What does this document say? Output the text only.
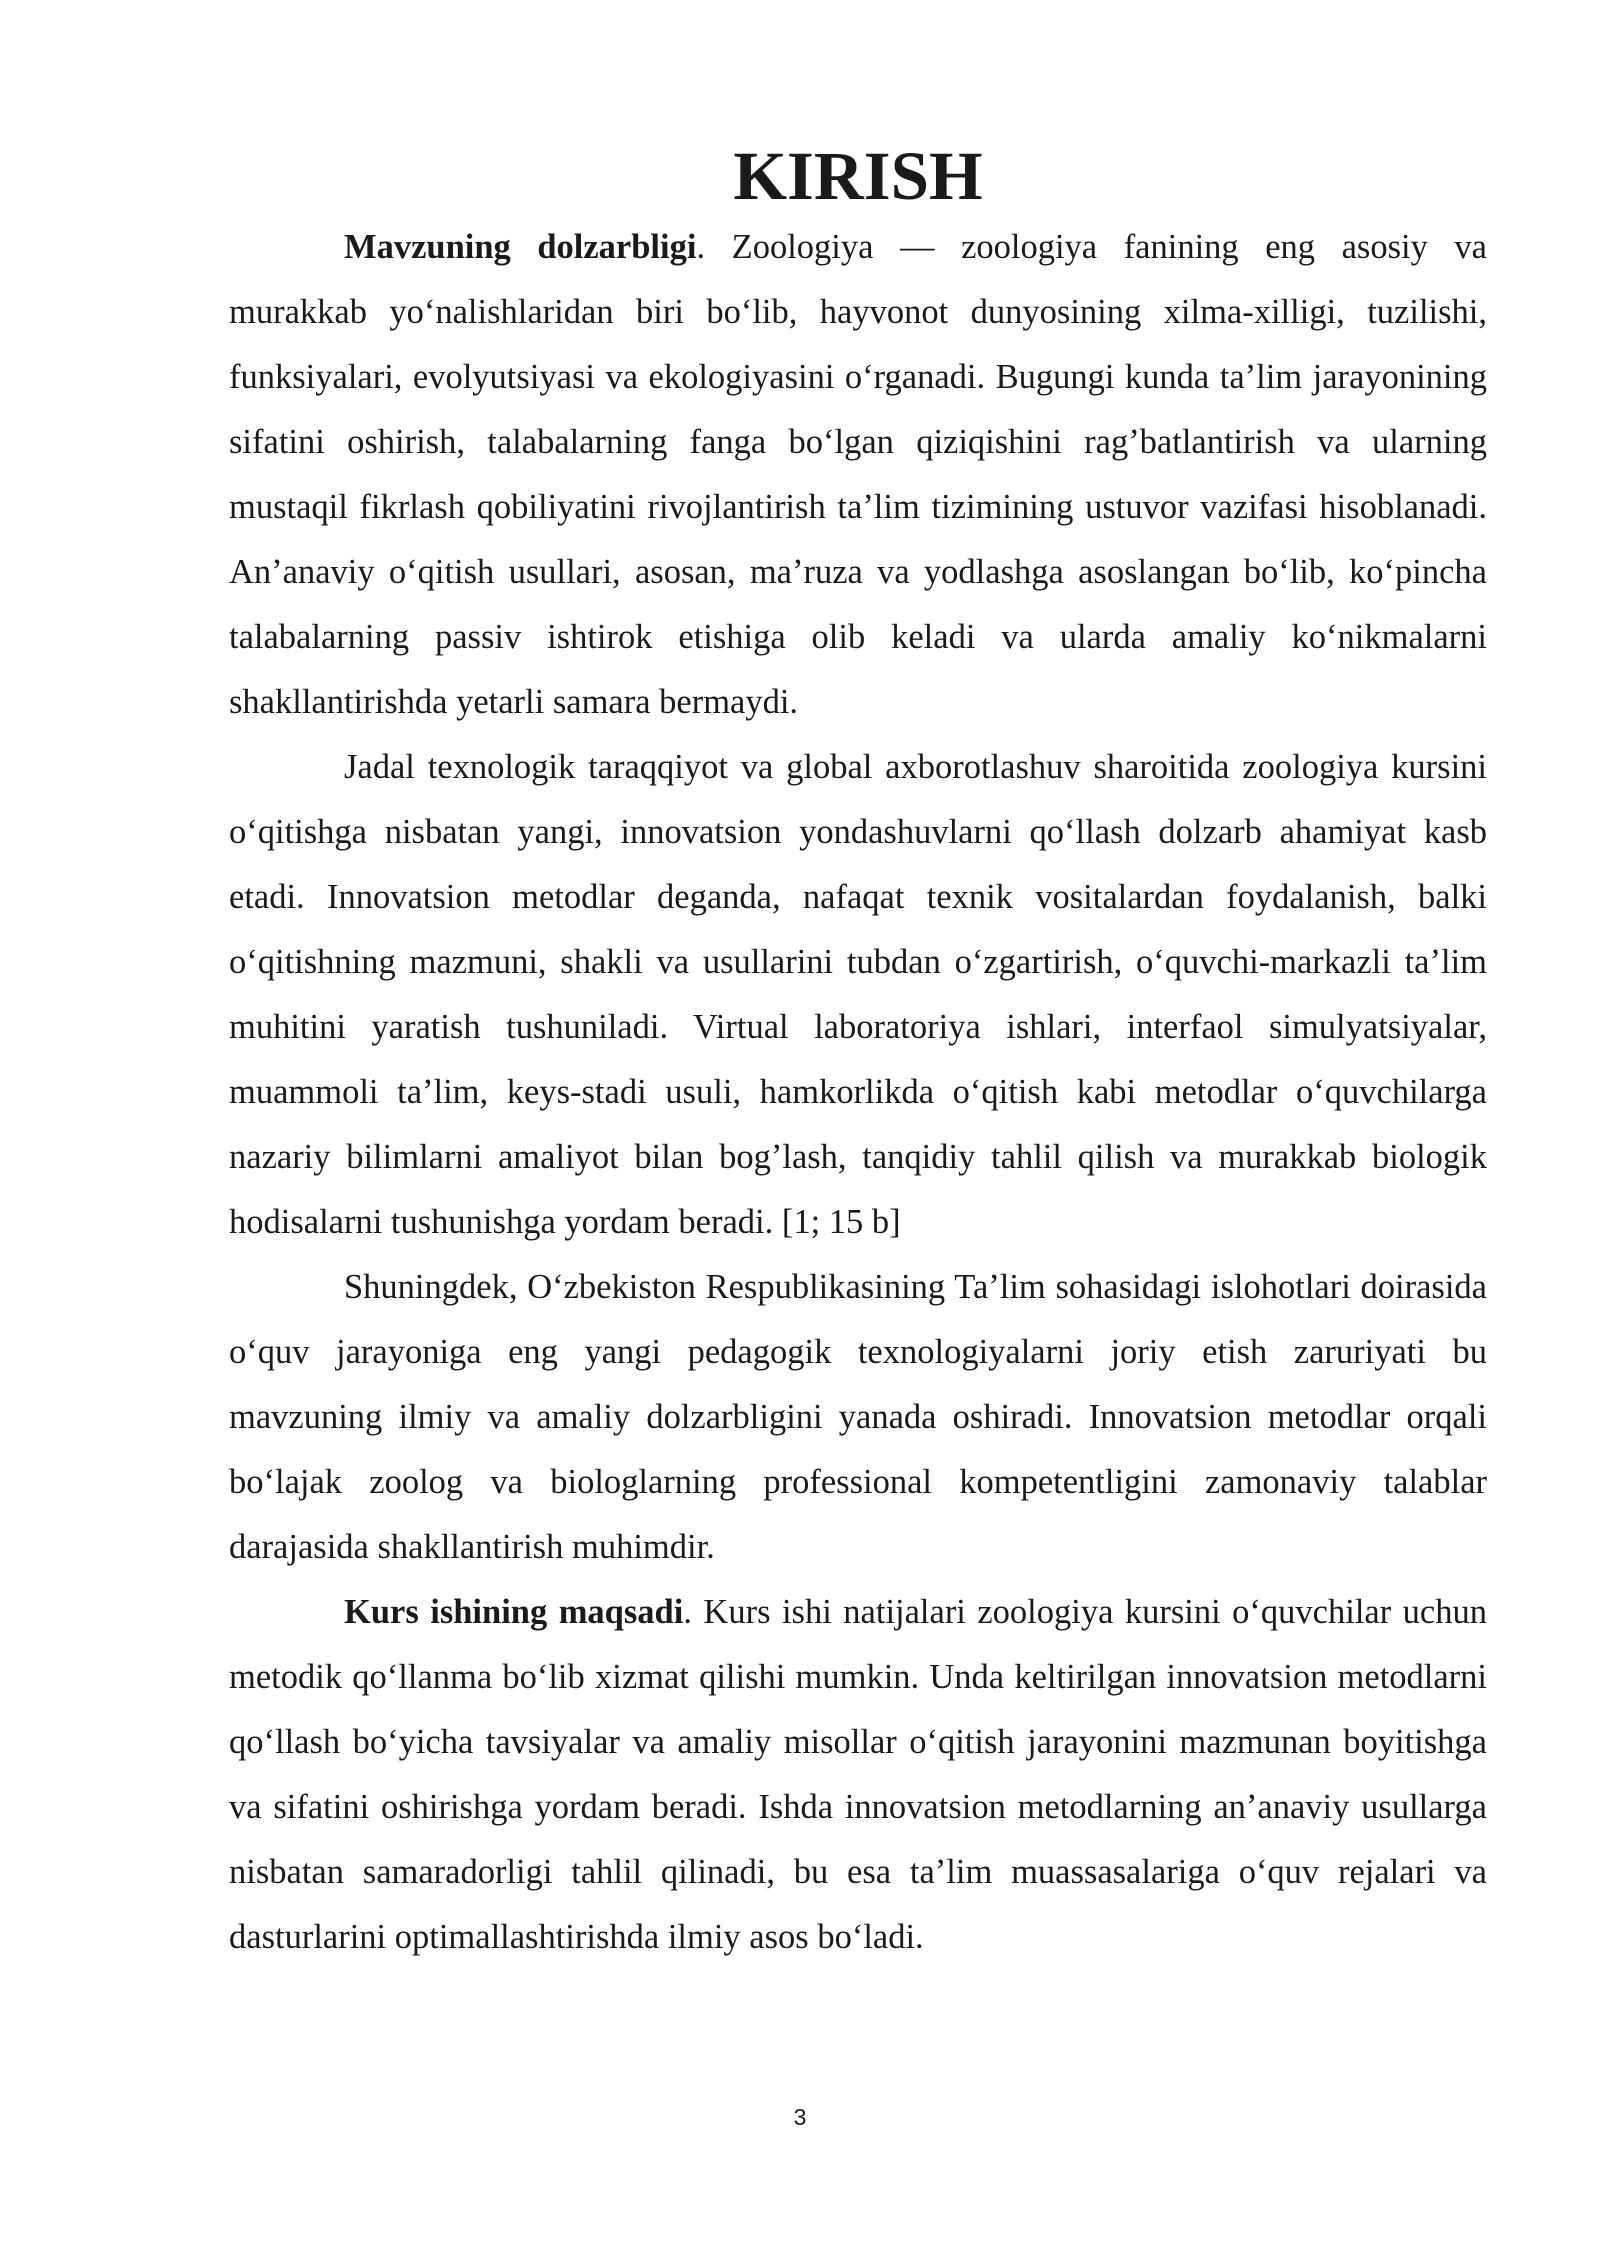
KIRISH

Mavzuning dolzarbligi. Zoologiya — zoologiya fanining eng asosiy va murakkab yoʻnalishlaridan biri boʻlib, hayvonot dunyosining xilma-xilligi, tuzilishi, funksiyalari, evolyutsiyasi va ekologiyasini oʻrganadi. Bugungi kunda taʼlim jarayonining sifatini oshirish, talabalarning fanga boʻlgan qiziqishini ragʼbatlantirish va ularning mustaqil fikrlash qobiliyatini rivojlantirish taʼlim tizimining ustuvor vazifasi hisoblanadi. Anʼanaviy oʻqitish usullari, asosan, maʼruza va yodlashga asoslangan boʻlib, koʻpincha talabalarning passiv ishtirok etishiga olib keladi va ularda amaliy koʻnikmalarni shakllantirishda yetarli samara bermaydi.

Jadal texnologik taraqqiyot va global axborotlashuv sharoitida zoologiya kursini oʻqitishga nisbatan yangi, innovatsion yondashuvlarni qoʻllash dolzarb ahamiyat kasb etadi. Innovatsion metodlar deganda, nafaqat texnik vositalardan foydalanish, balki oʻqitishning mazmuni, shakli va usullarini tubdan oʻzgartirish, oʻquvchi-markazli taʼlim muhitini yaratish tushuniladi. Virtual laboratoriya ishlari, interfaol simulyatsiyalar, muammoli taʼlim, keys-stadi usuli, hamkorlikda oʻqitish kabi metodlar oʻquvchilarga nazariy bilimlarni amaliyot bilan bogʼlash, tanqidiy tahlil qilish va murakkab biologik hodisalarni tushunishga yordam beradi. [1; 15 b]

Shuningdek, Oʻzbekiston Respublikasining Taʼlim sohasidagi islohotlari doirasida oʻquv jarayoniga eng yangi pedagogik texnologiyalarni joriy etish zaruriyati bu mavzuning ilmiy va amaliy dolzarbligini yanada oshiradi. Innovatsion metodlar orqali boʻlajak zoolog va biologlarning professional kompetentligini zamonaviy talablar darajasida shakllantirish muhimdir.

Kurs ishining maqsadi. Kurs ishi natijalari zoologiya kursini oʻquvchilar uchun metodik qoʻllanma boʻlib xizmat qilishi mumkin. Unda keltirilgan innovatsion metodlarni qoʻllash boʻyicha tavsiyalar va amaliy misollar oʻqitish jarayonini mazmunan boyitishga va sifatini oshirishga yordam beradi. Ishda innovatsion metodlarning anʼanaviy usullarga nisbatan samaradorligi tahlil qilinadi, bu esa taʼlim muassasalariga oʻquv rejalari va dasturlarini optimallashtirishda ilmiy asos boʻladi.

3
